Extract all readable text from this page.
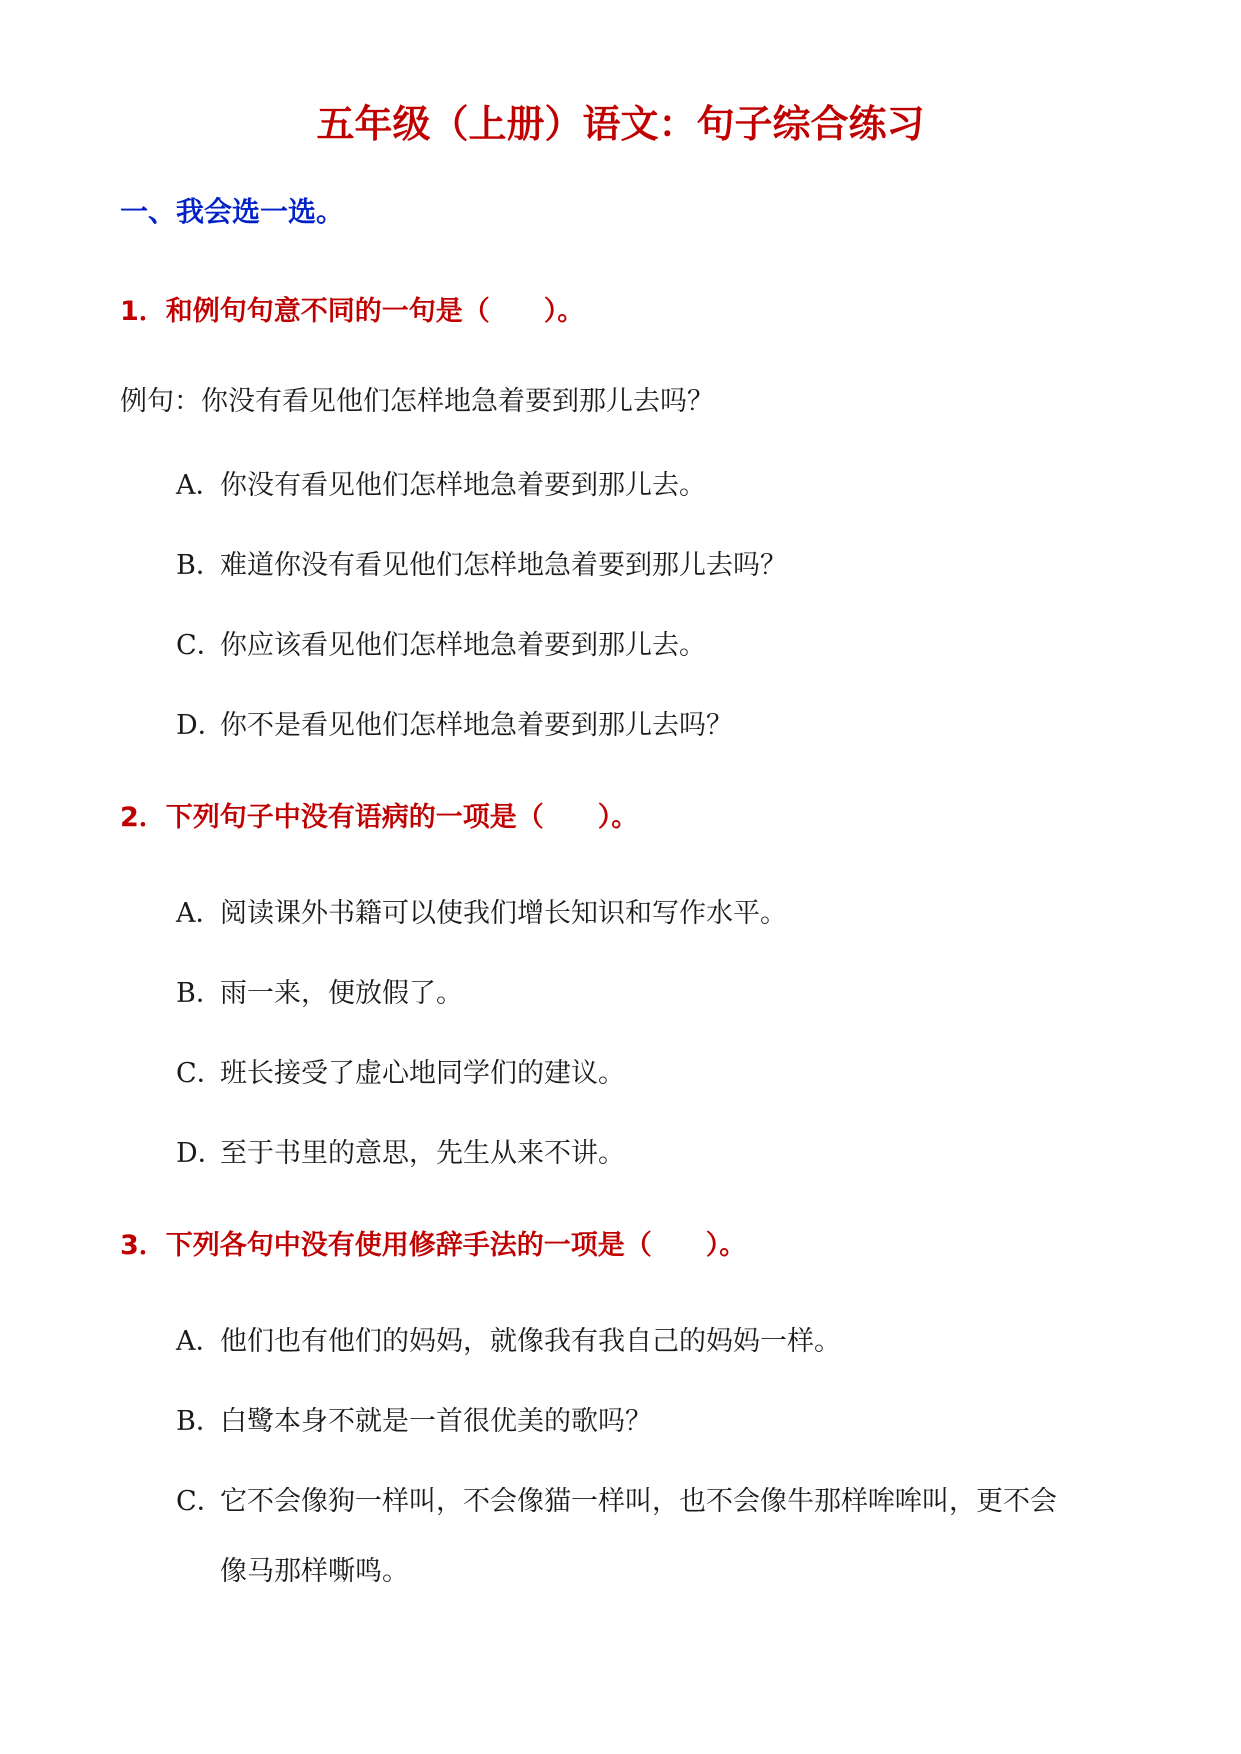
五年级（上册）语文：句子综合练习
一、我会选一选。
1．和例句句意不同的一句是（　　）。
例句：你没有看见他们怎样地急着要到那儿去吗？
A．你没有看见他们怎样地急着要到那儿去。
B．难道你没有看见他们怎样地急着要到那儿去吗？
C．你应该看见他们怎样地急着要到那儿去。
D．你不是看见他们怎样地急着要到那儿去吗？
2．下列句子中没有语病的一项是（　　）。
A．阅读课外书籍可以使我们增长知识和写作水平。
B．雨一来，便放假了。
C．班长接受了虚心地同学们的建议。
D．至于书里的意思，先生从来不讲。
3．下列各句中没有使用修辞手法的一项是（　　）。
A．他们也有他们的妈妈，就像我有我自己的妈妈一样。
B．白鹭本身不就是一首很优美的歌吗？
C．它不会像狗一样叫，不会像猫一样叫，也不会像牛那样哞哞叫，更不会
像马那样嘶鸣。
